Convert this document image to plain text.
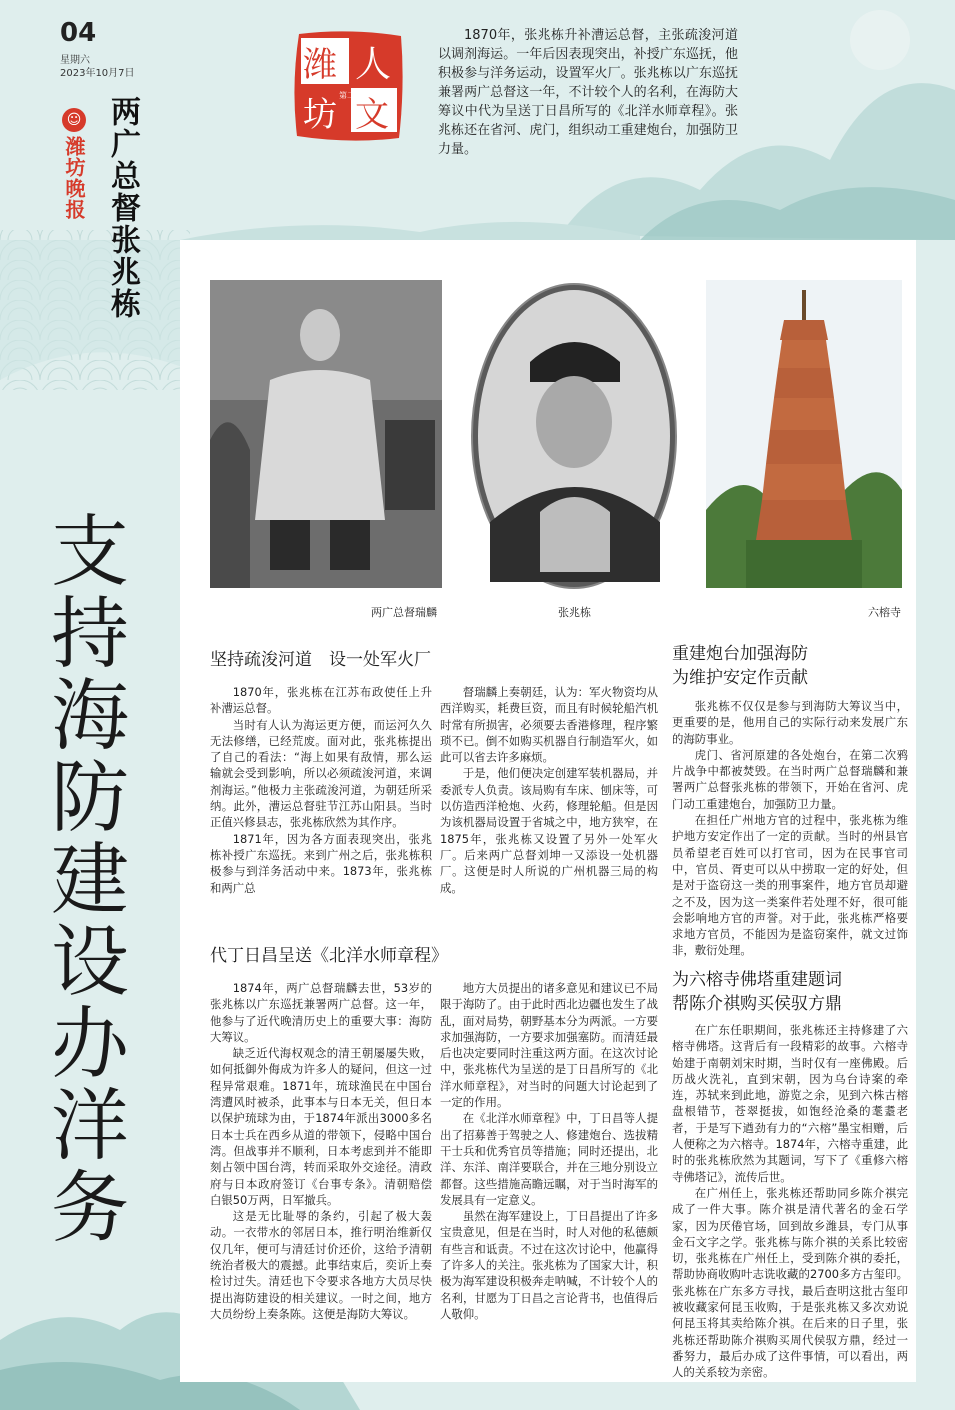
04
星期六
2023年10月7日
☺
潍坊晚报 两广总督张兆栋
支持海防建设办洋务
潍 人
坊 文
第二季
1870年，张兆栋升补漕运总督，主张疏浚河道以调剂海运。一年后因表现突出，补授广东巡抚，他积极参与洋务运动，设置军火厂。张兆栋以广东巡抚兼署两广总督这一年，不计较个人的名利，在海防大筹议中代为呈送丁日昌所写的《北洋水师章程》。张兆栋还在省河、虎门，组织动工重建炮台，加强防卫力量。
两广总督瑞麟	张兆栋	六榕寺
坚持疏浚河道　设一处军火厂

1870年，张兆栋在江苏布政使任上升补漕运总督。

当时有人认为海运更方便，而运河久久无法修缮，已经荒废。面对此，张兆栋提出了自己的看法：“海上如果有敌情，那么运输就会受到影响，所以必须疏浚河道，来调剂海运。”他极力主张疏浚河道，为朝廷所采纳。此外，漕运总督驻节江苏山阳县。当时正值兴修县志，张兆栋欣然为其作序。

1871年，因为各方面表现突出，张兆栋补授广东巡抚。来到广州之后，张兆栋积极参与到洋务活动中来。1873年，张兆栋和两广总

督瑞麟上奏朝廷，认为：军火物资均从西洋购买，耗费巨资，而且有时候轮船汽机时常有所损害，必须要去香港修理，程序繁琐不已。倒不如购买机器自行制造军火，如此可以省去许多麻烦。

于是，他们便决定创建军装机器局，并委派专人负责。该局购有车床、刨床等，可以仿造西洋枪炮、火药，修理轮船。但是因为该机器局设置于省城之中，地方狭窄，在1875年，张兆栋又设置了另外一处军火厂。后来两广总督刘坤一又添设一处机器厂。这便是时人所说的广州机器三局的构成。

代丁日昌呈送《北洋水师章程》

1874年，两广总督瑞麟去世，53岁的张兆栋以广东巡抚兼署两广总督。这一年，他参与了近代晚清历史上的重要大事：海防大筹议。

缺乏近代海权观念的清王朝屡屡失败，如何抵御外侮成为许多人的疑问，但这一过程异常艰难。1871年，琉球渔民在中国台湾遭风时被杀，此事本与日本无关，但日本以保护琉球为由，于1874年派出3000多名日本士兵在西乡从道的带领下，侵略中国台湾。但战事并不顺利，日本考虑到并不能即刻占领中国台湾，转而采取外交途径。清政府与日本政府签订《台事专条》。清朝赔偿白银50万两，日军撤兵。

这是无比耻辱的条约，引起了极大轰动。一衣带水的邻居日本，推行明治维新仅仅几年，便可与清廷讨价还价，这给予清朝统治者极大的震撼。此事结束后，奕䜣上奏检讨过失。清廷也下令要求各地方大员尽快提出海防建设的相关建议。一时之间，地方大员纷纷上奏条陈。这便是海防大筹议。

地方大员提出的诸多意见和建议已不局限于海防了。由于此时西北边疆也发生了战乱，面对局势，朝野基本分为两派。一方要求加强海防，一方要求加强塞防。而清廷最后也决定要同时注重这两方面。在这次讨论中，张兆栋代为呈送的是丁日昌所写的《北洋水师章程》，对当时的问题大讨论起到了一定的作用。

在《北洋水师章程》中，丁日昌等人提出了招募善于驾驶之人、修建炮台、选拔精干士兵和优秀官员等措施；同时还提出，北洋、东洋、南洋要联合，并在三地分别设立都督。这些措施高瞻远瞩，对于当时海军的发展具有一定意义。

虽然在海军建设上，丁日昌提出了许多宝贵意见，但是在当时，时人对他的私德颇有些言和诋责。不过在这次讨论中，他赢得了许多人的关注。张兆栋为了国家大计，积极为海军建设积极奔走呐喊，不计较个人的名利，甘愿为丁日昌之言论背书，也值得后人敬仰。

重建炮台加强海防
为维护安定作贡献

张兆栋不仅仅是参与到海防大筹议当中，更重要的是，他用自己的实际行动来发展广东的海防事业。

虎门、省河原建的各处炮台，在第二次鸦片战争中都被焚毁。在当时两广总督瑞麟和兼署两广总督张兆栋的带领下，开始在省河、虎门动工重建炮台，加强防卫力量。

在担任广州地方官的过程中，张兆栋为维护地方安定作出了一定的贡献。当时的州县官员希望老百姓可以打官司，因为在民事官司中，官员、胥吏可以从中捞取一定的好处，但是对于盗窃这一类的刑事案件，地方官员却避之不及，因为这一类案件若处理不好，很可能会影响地方官的声誉。对于此，张兆栋严格要求地方官员，不能因为是盗窃案件，就文过饰非，敷衍处理。

为六榕寺佛塔重建题词
帮陈介祺购买侯驭方鼎

在广东任职期间，张兆栋还主持修建了六榕寺佛塔。这背后有一段精彩的故事。六榕寺始建于南朝刘宋时期，当时仅有一座佛殿。后历战火洗礼，直到宋朝，因为乌台诗案的牵连，苏轼来到此地，游览之余，见到六株古榕盘根错节，苍翠挺拔，如饱经沧桑的耄耋老者，于是写下遒劲有力的“六榕”墨宝相赠，后人便称之为六榕寺。1874年，六榕寺重建，此时的张兆栋欣然为其题词，写下了《重修六榕寺佛塔记》，流传后世。

在广州任上，张兆栋还帮助同乡陈介祺完成了一件大事。陈介祺是清代著名的金石学家，因为厌倦官场，回到故乡潍县，专门从事金石文字之学。张兆栋与陈介祺的关系比较密切，张兆栋在广州任上，受到陈介祺的委托，帮助协商收购叶志诜收藏的2700多方古玺印。张兆栋在广东多方寻找，最后查明这批古玺印被收藏家何昆玉收购，于是张兆栋又多次劝说何昆玉将其卖给陈介祺。在后来的日子里，张兆栋还帮助陈介祺购买周代侯驭方鼎，经过一番努力，最后办成了这件事情，可以看出，两人的关系较为亲密。
